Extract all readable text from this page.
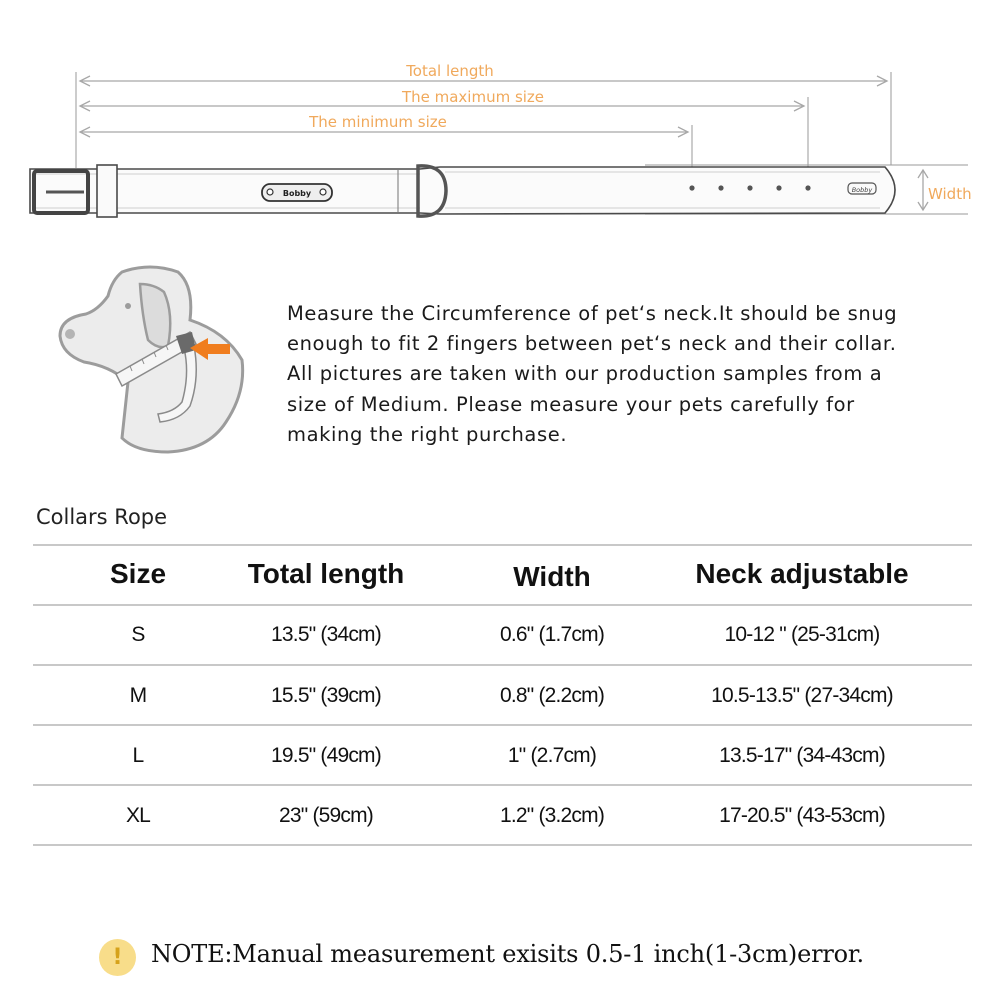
Total length
The maximum size
The minimum size
Width
Bobby	Bobby
Measure the Circumference of pet‘s neck.It should be snug
enough to fit 2 fingers between pet‘s neck and their collar.
All pictures are taken with our production samples from a
size of Medium. Please measure your pets carefully for
making the right purchase.
Collars Rope
Size	Total length	Width	Neck adjustable
S	13.5" (34cm)	0.6" (1.7cm)	10-12 " (25-31cm)
M	15.5" (39cm)	0.8" (2.2cm)	10.5-13.5" (27-34cm)
L	19.5" (49cm)	1" (2.7cm)	13.5-17" (34-43cm)
XL	23" (59cm)	1.2" (3.2cm)	17-20.5" (43-53cm)
!	NOTE:Manual measurement exisits 0.5-1 inch(1-3cm)error.
